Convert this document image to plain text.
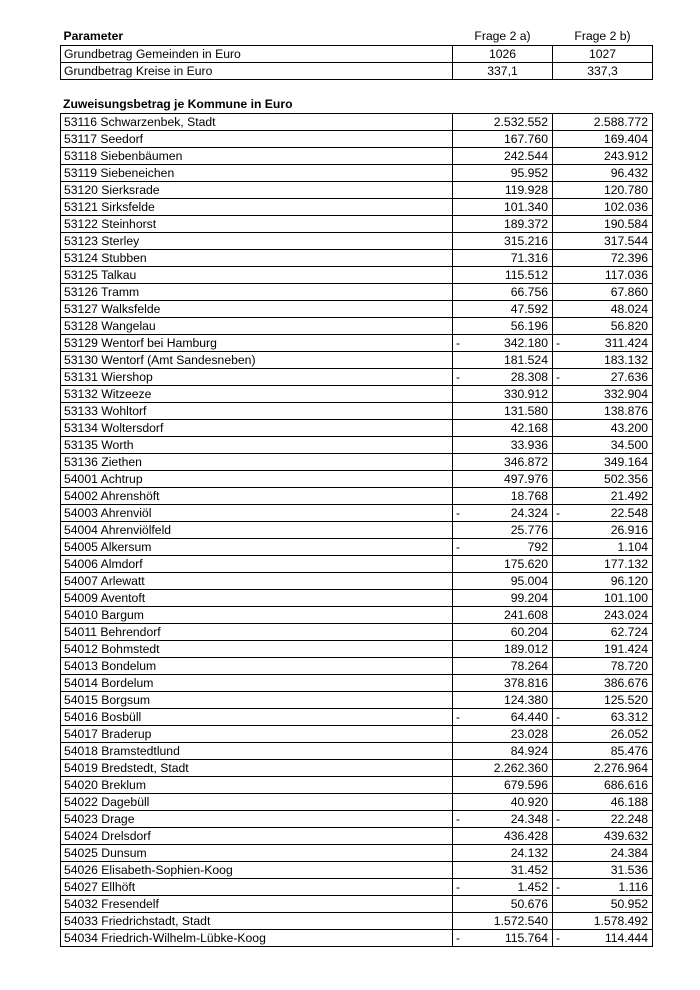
Parameter	Frage 2 a)	Frage 2 b)
Grundbetrag Gemeinden in Euro	1026	1027
Grundbetrag Kreise in Euro	337,1	337,3
Zuweisungsbetrag je Kommune in Euro
53116 Schwarzenbek, Stadt	2.532.552	2.588.772
53117 Seedorf	167.760	169.404
53118 Siebenbäumen	242.544	243.912
53119 Siebeneichen	95.952	96.432
53120 Sierksrade	119.928	120.780
53121 Sirksfelde	101.340	102.036
53122 Steinhorst	189.372	190.584
53123 Sterley	315.216	317.544
53124 Stubben	71.316	72.396
53125 Talkau	115.512	117.036
53126 Tramm	66.756	67.860
53127 Walksfelde	47.592	48.024
53128 Wangelau	56.196	56.820
53129 Wentorf bei Hamburg	- 342.180	- 311.424
53130 Wentorf (Amt Sandesneben)	181.524	183.132
53131 Wiershop	- 28.308	- 27.636
53132 Witzeeze	330.912	332.904
53133 Wohltorf	131.580	138.876
53134 Woltersdorf	42.168	43.200
53135 Worth	33.936	34.500
53136 Ziethen	346.872	349.164
54001 Achtrup	497.976	502.356
54002 Ahrenshöft	18.768	21.492
54003 Ahrenviöl	- 24.324	- 22.548
54004 Ahrenviölfeld	25.776	26.916
54005 Alkersum	- 792	1.104
54006 Almdorf	175.620	177.132
54007 Arlewatt	95.004	96.120
54009 Aventoft	99.204	101.100
54010 Bargum	241.608	243.024
54011 Behrendorf	60.204	62.724
54012 Bohmstedt	189.012	191.424
54013 Bondelum	78.264	78.720
54014 Bordelum	378.816	386.676
54015 Borgsum	124.380	125.520
54016 Bosbüll	- 64.440	- 63.312
54017 Braderup	23.028	26.052
54018 Bramstedtlund	84.924	85.476
54019 Bredstedt, Stadt	2.262.360	2.276.964
54020 Breklum	679.596	686.616
54022 Dagebüll	40.920	46.188
54023 Drage	- 24.348	- 22.248
54024 Drelsdorf	436.428	439.632
54025 Dunsum	24.132	24.384
54026 Elisabeth-Sophien-Koog	31.452	31.536
54027 Ellhöft	- 1.452	- 1.116
54032 Fresendelf	50.676	50.952
54033 Friedrichstadt, Stadt	1.572.540	1.578.492
54034 Friedrich-Wilhelm-Lübke-Koog	- 115.764	- 114.444
